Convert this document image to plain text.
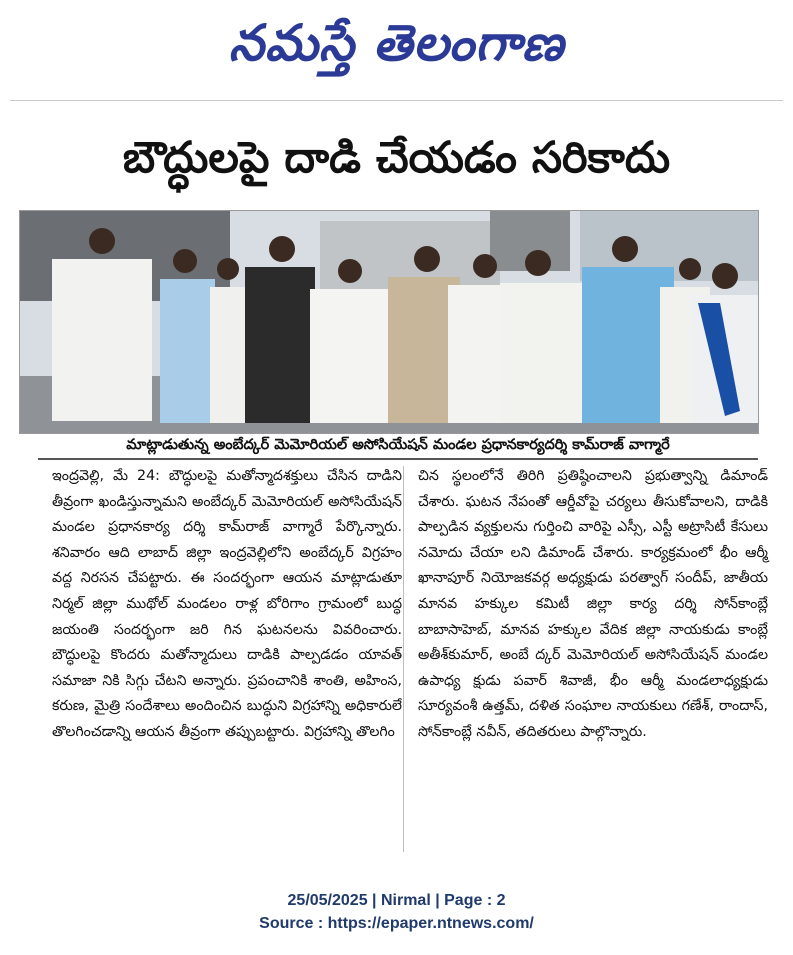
నమస్తే తెలంగాణ
బౌద్ధులపై దాడి చేయడం సరికాదు
మాట్లాడుతున్న అంబేద్కర్ మెమోరియల్ అసోసియేషన్ మండల ప్రధానకార్యదర్శి కామ్‌రాజ్ వాగ్మారే

ఇంద్రవెల్లి, మే 24: బౌద్ధులపై మతోన్మాదశక్తులు చేసిన దాడిని తీవ్రంగా ఖండిస్తున్నామని అంబేద్కర్ మెమోరియల్ అసోసియేషన్ మండల ప్రధానకార్య దర్శి కామ్‌రాజ్ వాగ్మారే పేర్కొన్నారు. శనివారం ఆది లాబాద్ జిల్లా ఇంద్రవెల్లిలోని అంబేద్కర్ విగ్రహం వద్ద నిరసన చేపట్టారు. ఈ సందర్భంగా ఆయన మాట్లాడుతూ నిర్మల్ జిల్లా ముథోల్ మండలం రాళ్ల బోరిగాం గ్రామంలో బుద్ధ జయంతి సందర్భంగా జరి గిన ఘటనలను వివరించారు. బౌద్ధులపై కొందరు మతోన్మాదులు దాడికి పాల్పడడం యావత్ సమాజా నికి సిగ్గు చేటని అన్నారు. ప్రపంచానికి శాంతి, అహింస, కరుణ, మైత్రి సందేశాలు అందించిన బుద్ధుని విగ్రహాన్ని అధికారులే తొలగించడాన్ని ఆయన తీవ్రంగా తప్పుబట్టారు. విగ్రహాన్ని తొలగిం

చిన స్థలంలోనే తిరిగి ప్రతిష్ఠించాలని ప్రభుత్వాన్ని డిమాండ్ చేశారు. ఘటన నేపంతో ఆర్డీవోపై చర్యలు తీసుకోవాలని, దాడికి పాల్పడిన వ్యక్తులను గుర్తించి వారిపై ఎస్సీ, ఎస్టీ అట్రాసిటీ కేసులు నమోదు చేయా లని డిమాండ్ చేశారు. కార్యక్రమంలో భీం ఆర్మీ ఖానాపూర్ నియోజకవర్గ అధ్యక్షుడు పరత్వాగ్ సందీప్, జాతీయ మానవ హక్కుల కమిటీ జిల్లా కార్య దర్శి సోన్‌కాంబ్లే బాబాసాహెబ్, మానవ హక్కుల వేదిక జిల్లా నాయకుడు కాంబ్లే అతీశ్‌కుమార్, అంబే ద్కర్ మెమోరియల్ అసోసియేషన్ మండల ఉపాధ్య క్షుడు పవార్ శివాజీ, భీం ఆర్మీ మండలాధ్యక్షుడు సూర్యవంశీ ఉత్తమ్, దళిత సంఘాల నాయకులు గణేశ్, రాందాస్, సోన్‌కాంబ్లే నవీన్, తదితరులు పాల్గొన్నారు.

25/05/2025 | Nirmal | Page : 2
Source : https://epaper.ntnews.com/
